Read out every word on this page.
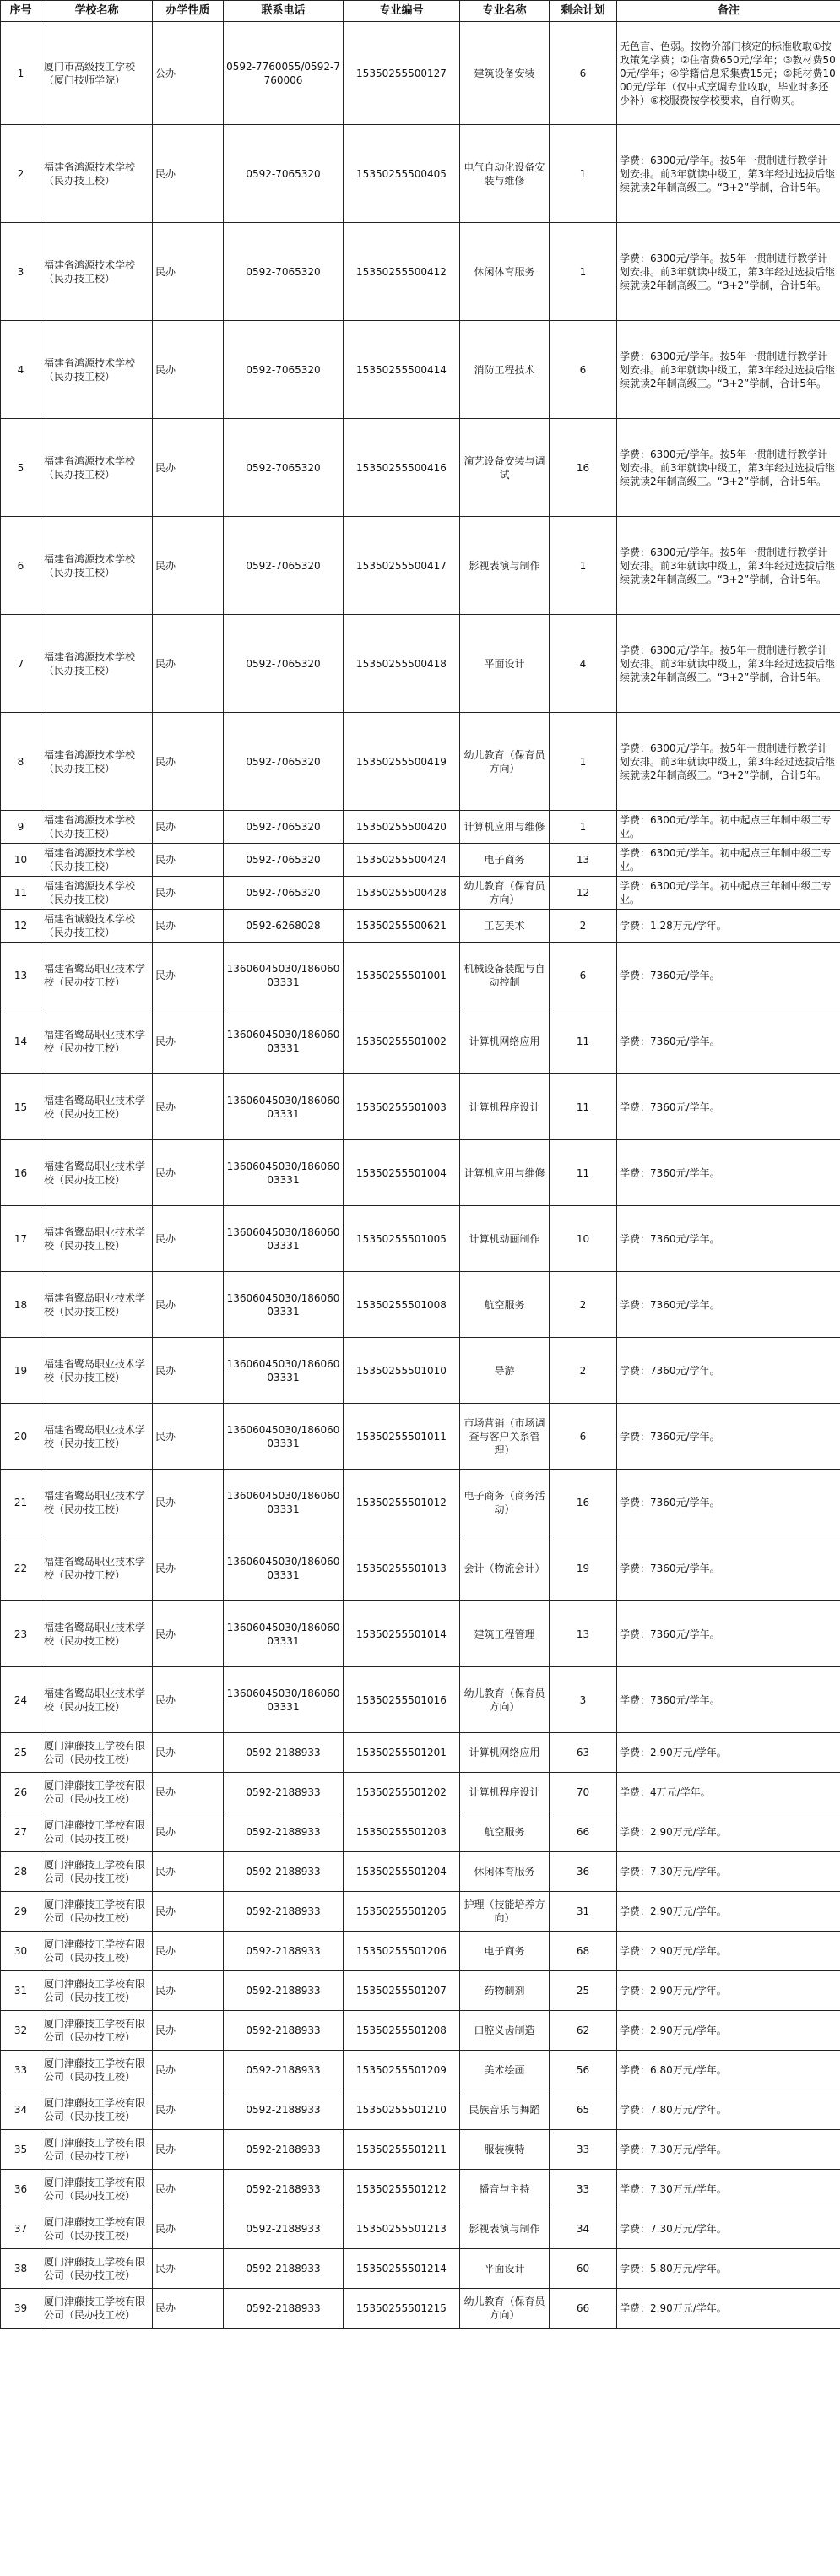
序号	学校名称	办学性质	联系电话	专业编号	专业名称	剩余计划	备注
1	厦门市高级技工学校（厦门技师学院）	公办	0592-7760055/0592-7760006	15350255500127	建筑设备安装	6	无色盲、色弱。按物价部门核定的标准收取①按政策免学费；②住宿费650元/学年；③教材费500元/学年；④学籍信息采集费15元；⑤耗材费1000元/学年（仅中式烹调专业收取，毕业时多还少补）⑥校服费按学校要求，自行购买。
2	福建省鸿源技术学校（民办技工校）	民办	0592-7065320	15350255500405	电气自动化设备安装与维修	1	学费：6300元/学年。按5年一贯制进行教学计划安排。前3年就读中级工，第3年经过选拔后继续就读2年制高级工。“3+2”学制，合计5年。
3	福建省鸿源技术学校（民办技工校）	民办	0592-7065320	15350255500412	休闲体育服务	1	学费：6300元/学年。按5年一贯制进行教学计划安排。前3年就读中级工，第3年经过选拔后继续就读2年制高级工。“3+2”学制，合计5年。
4	福建省鸿源技术学校（民办技工校）	民办	0592-7065320	15350255500414	消防工程技术	6	学费：6300元/学年。按5年一贯制进行教学计划安排。前3年就读中级工，第3年经过选拔后继续就读2年制高级工。“3+2”学制，合计5年。
5	福建省鸿源技术学校（民办技工校）	民办	0592-7065320	15350255500416	演艺设备安装与调试	16	学费：6300元/学年。按5年一贯制进行教学计划安排。前3年就读中级工，第3年经过选拔后继续就读2年制高级工。“3+2”学制，合计5年。
6	福建省鸿源技术学校（民办技工校）	民办	0592-7065320	15350255500417	影视表演与制作	1	学费：6300元/学年。按5年一贯制进行教学计划安排。前3年就读中级工，第3年经过选拔后继续就读2年制高级工。“3+2”学制，合计5年。
7	福建省鸿源技术学校（民办技工校）	民办	0592-7065320	15350255500418	平面设计	4	学费：6300元/学年。按5年一贯制进行教学计划安排。前3年就读中级工，第3年经过选拔后继续就读2年制高级工。“3+2”学制，合计5年。
8	福建省鸿源技术学校（民办技工校）	民办	0592-7065320	15350255500419	幼儿教育（保育员方向）	1	学费：6300元/学年。按5年一贯制进行教学计划安排。前3年就读中级工，第3年经过选拔后继续就读2年制高级工。“3+2”学制，合计5年。
9	福建省鸿源技术学校（民办技工校）	民办	0592-7065320	15350255500420	计算机应用与维修	1	学费：6300元/学年。初中起点三年制中级工专业。
10	福建省鸿源技术学校（民办技工校）	民办	0592-7065320	15350255500424	电子商务	13	学费：6300元/学年。初中起点三年制中级工专业。
11	福建省鸿源技术学校（民办技工校）	民办	0592-7065320	15350255500428	幼儿教育（保育员方向）	12	学费：6300元/学年。初中起点三年制中级工专业。
12	福建省诚毅技术学校（民办技工校）	民办	0592-6268028	15350255500621	工艺美术	2	学费：1.28万元/学年。
13	福建省鹭岛职业技术学校（民办技工校）	民办	13606045030/18606003331	15350255501001	机械设备装配与自动控制	6	学费：7360元/学年。
14	福建省鹭岛职业技术学校（民办技工校）	民办	13606045030/18606003331	15350255501002	计算机网络应用	11	学费：7360元/学年。
15	福建省鹭岛职业技术学校（民办技工校）	民办	13606045030/18606003331	15350255501003	计算机程序设计	11	学费：7360元/学年。
16	福建省鹭岛职业技术学校（民办技工校）	民办	13606045030/18606003331	15350255501004	计算机应用与维修	11	学费：7360元/学年。
17	福建省鹭岛职业技术学校（民办技工校）	民办	13606045030/18606003331	15350255501005	计算机动画制作	10	学费：7360元/学年。
18	福建省鹭岛职业技术学校（民办技工校）	民办	13606045030/18606003331	15350255501008	航空服务	2	学费：7360元/学年。
19	福建省鹭岛职业技术学校（民办技工校）	民办	13606045030/18606003331	15350255501010	导游	2	学费：7360元/学年。
20	福建省鹭岛职业技术学校（民办技工校）	民办	13606045030/18606003331	15350255501011	市场营销（市场调查与客户关系管理）	6	学费：7360元/学年。
21	福建省鹭岛职业技术学校（民办技工校）	民办	13606045030/18606003331	15350255501012	电子商务（商务活动）	16	学费：7360元/学年。
22	福建省鹭岛职业技术学校（民办技工校）	民办	13606045030/18606003331	15350255501013	会计（物流会计）	19	学费：7360元/学年。
23	福建省鹭岛职业技术学校（民办技工校）	民办	13606045030/18606003331	15350255501014	建筑工程管理	13	学费：7360元/学年。
24	福建省鹭岛职业技术学校（民办技工校）	民办	13606045030/18606003331	15350255501016	幼儿教育（保育员方向）	3	学费：7360元/学年。
25	厦门津藤技工学校有限公司（民办技工校）	民办	0592-2188933	15350255501201	计算机网络应用	63	学费：2.90万元/学年。
26	厦门津藤技工学校有限公司（民办技工校）	民办	0592-2188933	15350255501202	计算机程序设计	70	学费：4万元/学年。
27	厦门津藤技工学校有限公司（民办技工校）	民办	0592-2188933	15350255501203	航空服务	66	学费：2.90万元/学年。
28	厦门津藤技工学校有限公司（民办技工校）	民办	0592-2188933	15350255501204	休闲体育服务	36	学费：7.30万元/学年。
29	厦门津藤技工学校有限公司（民办技工校）	民办	0592-2188933	15350255501205	护理（技能培养方向）	31	学费：2.90万元/学年。
30	厦门津藤技工学校有限公司（民办技工校）	民办	0592-2188933	15350255501206	电子商务	68	学费：2.90万元/学年。
31	厦门津藤技工学校有限公司（民办技工校）	民办	0592-2188933	15350255501207	药物制剂	25	学费：2.90万元/学年。
32	厦门津藤技工学校有限公司（民办技工校）	民办	0592-2188933	15350255501208	口腔义齿制造	62	学费：2.90万元/学年。
33	厦门津藤技工学校有限公司（民办技工校）	民办	0592-2188933	15350255501209	美术绘画	56	学费：6.80万元/学年。
34	厦门津藤技工学校有限公司（民办技工校）	民办	0592-2188933	15350255501210	民族音乐与舞蹈	65	学费：7.80万元/学年。
35	厦门津藤技工学校有限公司（民办技工校）	民办	0592-2188933	15350255501211	服装模特	33	学费：7.30万元/学年。
36	厦门津藤技工学校有限公司（民办技工校）	民办	0592-2188933	15350255501212	播音与主持	33	学费：7.30万元/学年。
37	厦门津藤技工学校有限公司（民办技工校）	民办	0592-2188933	15350255501213	影视表演与制作	34	学费：7.30万元/学年。
38	厦门津藤技工学校有限公司（民办技工校）	民办	0592-2188933	15350255501214	平面设计	60	学费：5.80万元/学年。
39	厦门津藤技工学校有限公司（民办技工校）	民办	0592-2188933	15350255501215	幼儿教育（保育员方向）	66	学费：2.90万元/学年。
